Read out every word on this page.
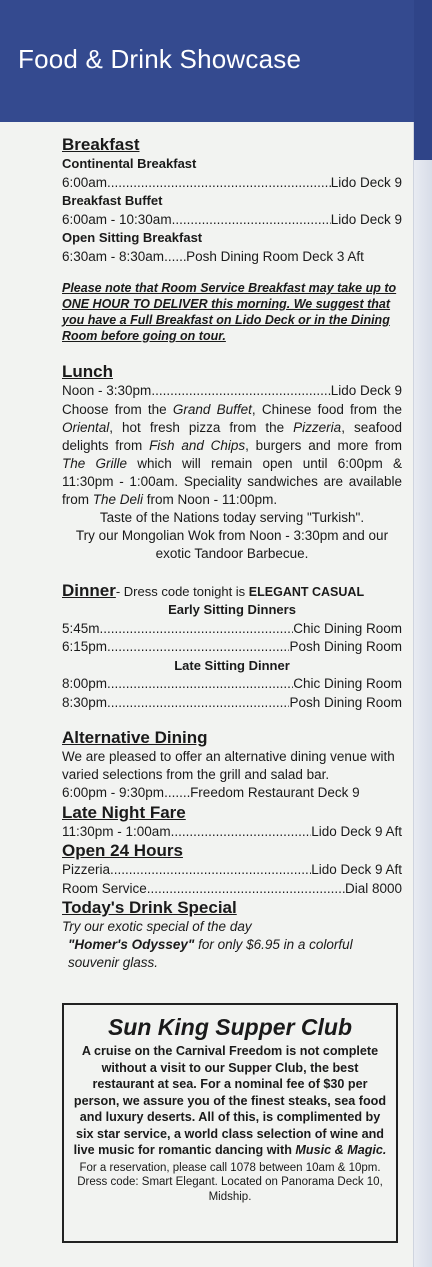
Food & Drink Showcase
Breakfast
Continental Breakfast
6:00am .....	Lido Deck 9
Breakfast Buffet
6:00am - 10:30am .....	Lido Deck 9
Open Sitting Breakfast
6:30am - 8:30am ..... Posh Dining Room Deck 3 Aft
Please note that Room Service Breakfast may take up to ONE HOUR TO DELIVER this morning. We suggest that you have a Full Breakfast on Lido Deck or in the Dining Room before going on tour.
Lunch
Noon - 3:30pm .....	Lido Deck 9
Choose from the Grand Buffet, Chinese food from the Oriental, hot fresh pizza from the Pizzeria, seafood delights from Fish and Chips, burgers and more from The Grille which will remain open until 6:00pm & 11:30pm - 1:00am. Speciality sandwiches are available from The Deli from Noon - 11:00pm.
Taste of the Nations today serving "Turkish".
Try our Mongolian Wok from Noon - 3:30pm and our exotic Tandoor Barbecue.
Dinner- Dress code tonight is ELEGANT CASUAL
Early Sitting Dinners
5:45m .....	Chic Dining Room
6:15pm .....	Posh Dining Room
Late Sitting Dinner
8:00pm .....	Chic Dining Room
8:30pm .....	Posh Dining Room
Alternative Dining
We are pleased to offer an alternative dining venue with varied selections from the grill and salad bar.
6:00pm - 9:30pm ..... Freedom Restaurant Deck 9
Late Night Fare
11:30pm - 1:00am .....	Lido Deck 9 Aft
Open 24 Hours
Pizzeria .....	Lido Deck 9 Aft
Room Service .....	Dial 8000
Today's Drink Special
Try our exotic special of the day
"Homer's Odyssey" for only $6.95 in a colorful souvenir glass.
Sun King Supper Club
A cruise on the Carnival Freedom is not complete without a visit to our Supper Club, the best restaurant at sea. For a nominal fee of $30 per person, we assure you of the finest steaks, sea food and luxury deserts. All of this, is complimented by six star service, a world class selection of wine and live music for romantic dancing with Music & Magic.
For a reservation, please call 1078 between 10am & 10pm. Dress code: Smart Elegant. Located on Panorama Deck 10, Midship.
